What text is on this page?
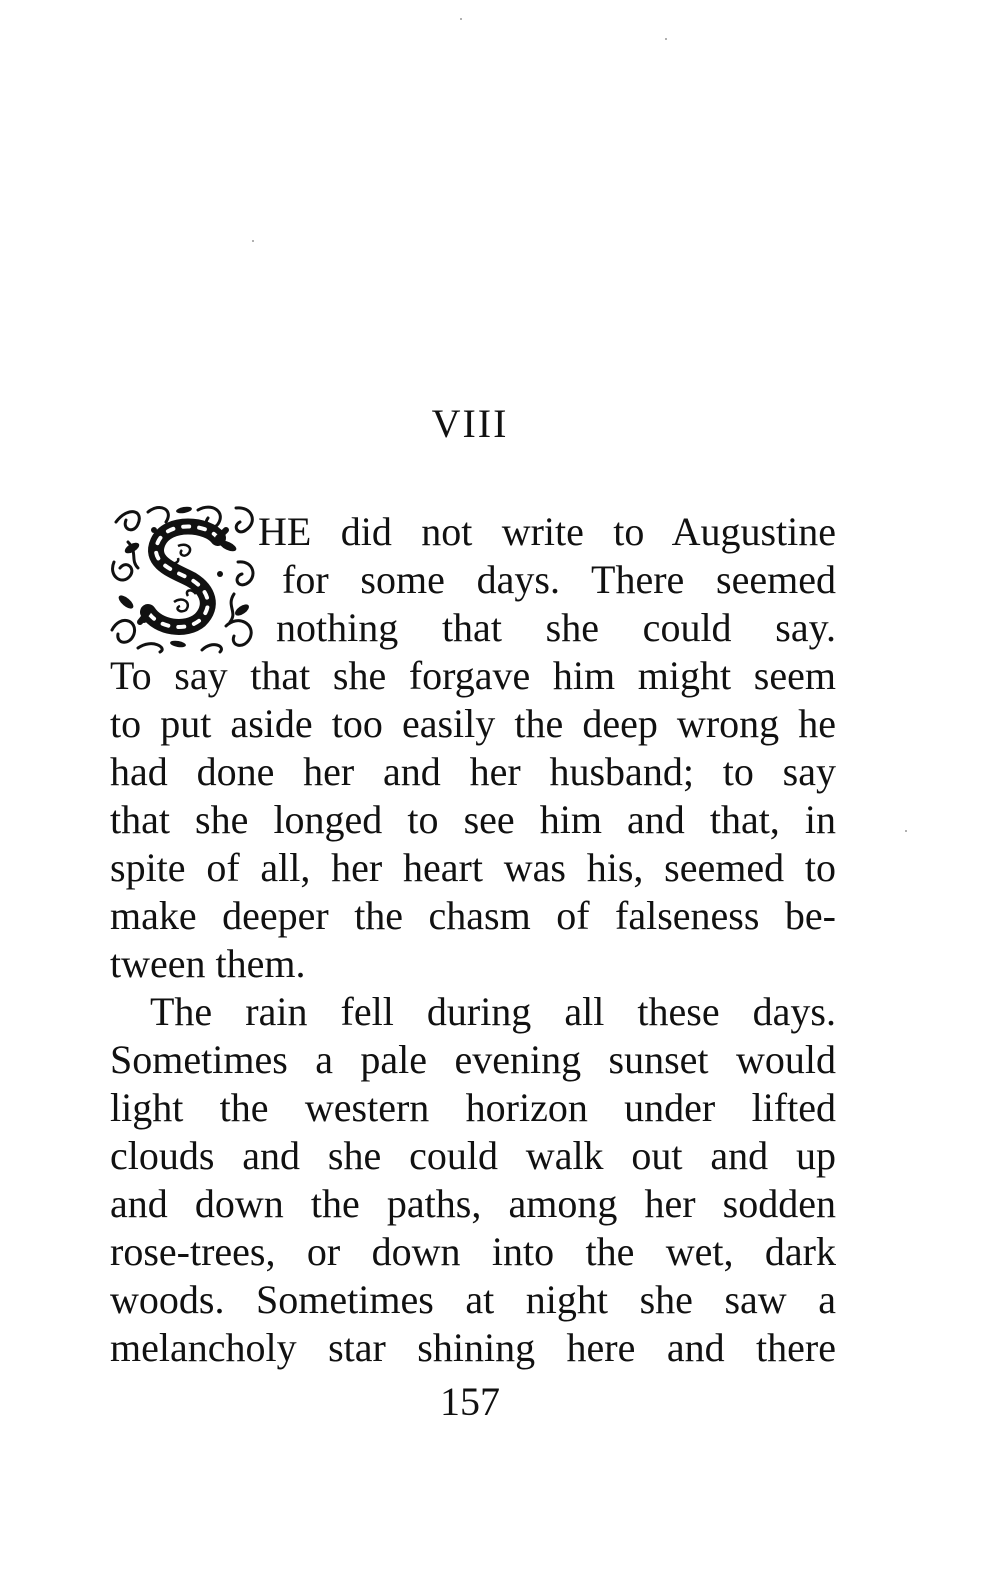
VIII
HE did not write to Augustine
for some days. There seemed
nothing that she could say.
To say that she forgave him might seem
to put aside too easily the deep wrong he
had done her and her husband; to say
that she longed to see him and that, in
spite of all, her heart was his, seemed to
make deeper the chasm of falseness be-
tween them.
The rain fell during all these days.
Sometimes a pale evening sunset would
light the western horizon under lifted
clouds and she could walk out and up
and down the paths, among her sodden
rose-trees, or down into the wet, dark
woods. Sometimes at night she saw a
melancholy star shining here and there
157
